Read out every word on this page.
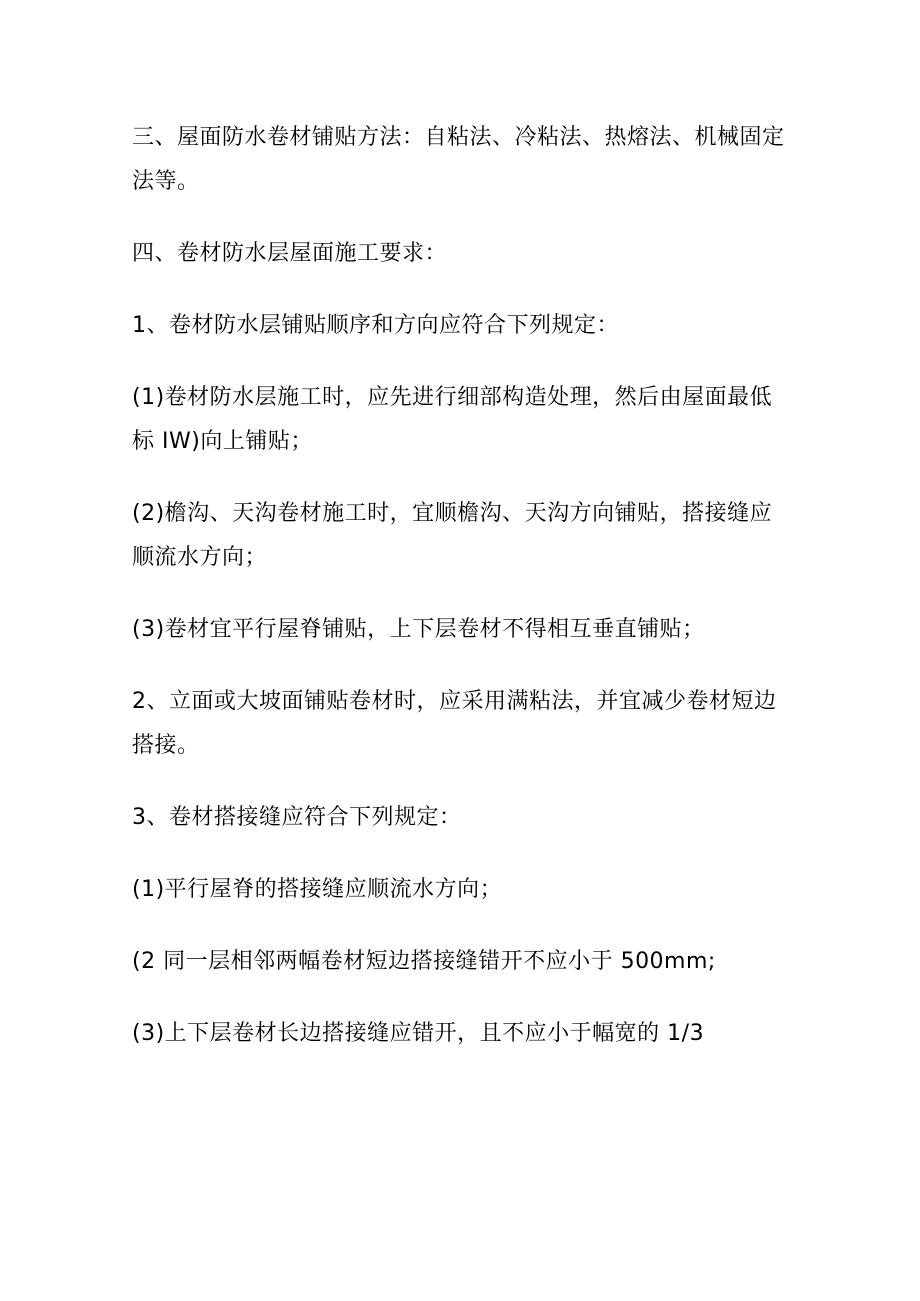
三、屋面防水卷材铺贴方法：自粘法、冷粘法、热熔法、机械固定法等。

四、卷材防水层屋面施工要求：

1、卷材防水层铺贴顺序和方向应符合下列规定：

(1)卷材防水层施工时，应先进行细部构造处理，然后由屋面最低标 IW)向上铺贴；

(2)檐沟、天沟卷材施工时，宜顺檐沟、天沟方向铺贴，搭接缝应顺流水方向；

(3)卷材宜平行屋脊铺贴，上下层卷材不得相互垂直铺贴；

2、立面或大坡面铺贴卷材时，应采用满粘法，并宜减少卷材短边搭接。

3、卷材搭接缝应符合下列规定：

(1)平行屋脊的搭接缝应顺流水方向；

(2 同一层相邻两幅卷材短边搭接缝错开不应小于 500mm;

(3)上下层卷材长边搭接缝应错开，且不应小于幅宽的 1/3
